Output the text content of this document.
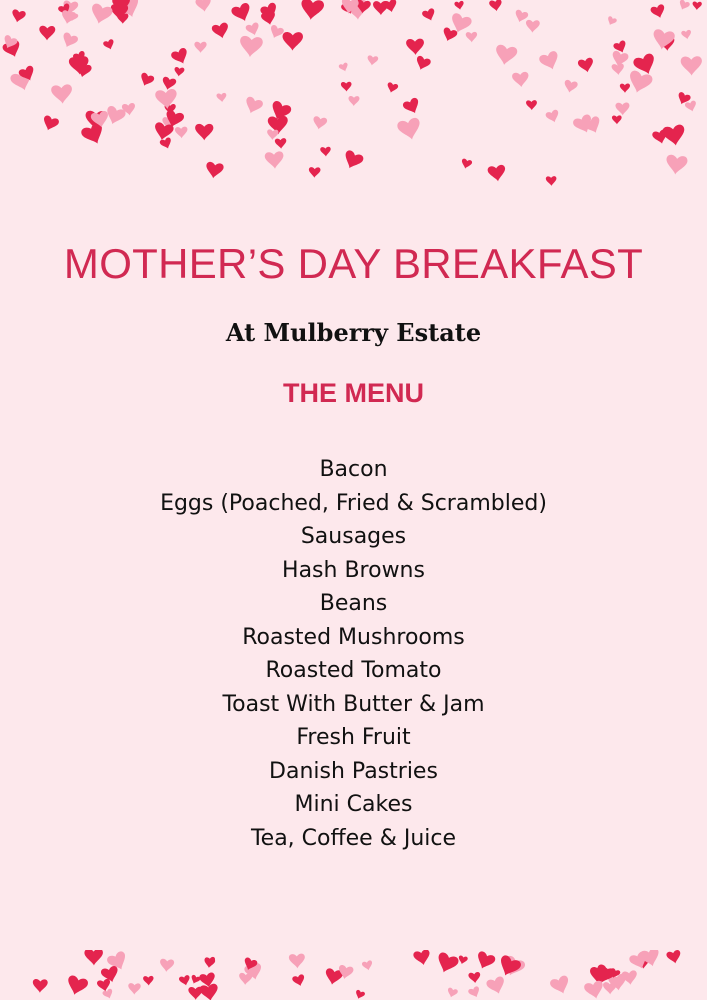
MOTHER’S DAY BREAKFAST
At Mulberry Estate
THE MENU
Bacon
Eggs (Poached, Fried & Scrambled)
Sausages
Hash Browns
Beans
Roasted Mushrooms
Roasted Tomato
Toast With Butter & Jam
Fresh Fruit
Danish Pastries
Mini Cakes
Tea, Coffee & Juice
